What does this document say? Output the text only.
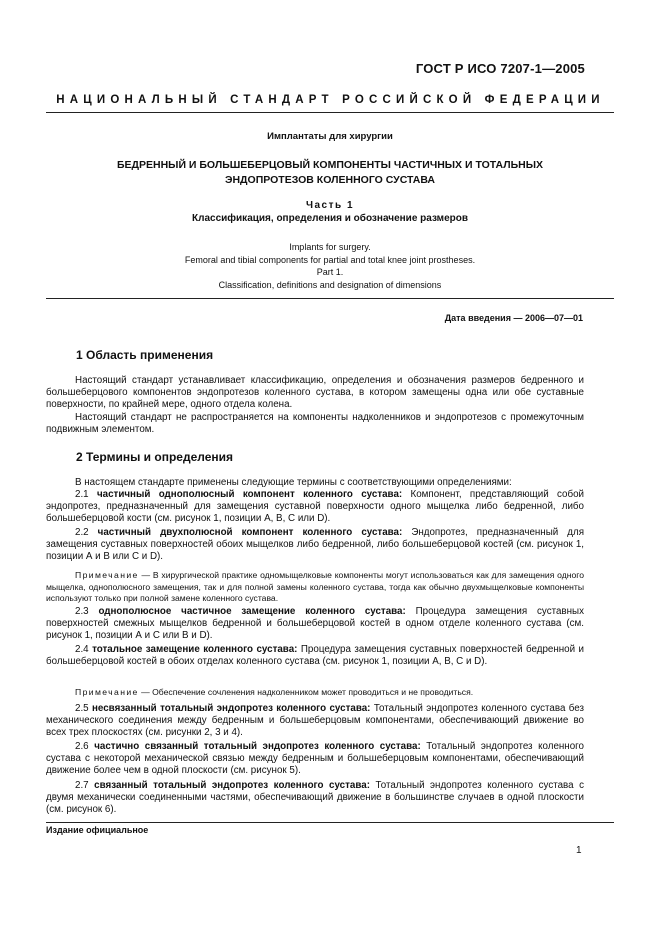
ГОСТ Р ИСО 7207-1—2005
НАЦИОНАЛЬНЫЙ СТАНДАРТ РОССИЙСКОЙ ФЕДЕРАЦИИ
Имплантаты для хирургии
БЕДРЕННЫЙ И БОЛЬШЕБЕРЦОВЫЙ КОМПОНЕНТЫ ЧАСТИЧНЫХ И ТОТАЛЬНЫХ
ЭНДОПРОТЕЗОВ КОЛЕННОГО СУСТАВА
Часть 1
Классификация, определения и обозначение размеров
Implants for surgery.
Femoral and tibial components for partial and total knee joint prostheses.
Part 1.
Classification, definitions and designation of dimensions
Дата введения — 2006—07—01
1 Область применения

Настоящий стандарт устанавливает классификацию, определения и обозначения размеров бедренного и большеберцового компонентов эндопротезов коленного сустава, в котором замещены одна или обе суставные поверхности, по крайней мере, одного отдела колена.

Настоящий стандарт не распространяется на компоненты надколенников и эндопротезов с промежуточным подвижным элементом.

2 Термины и определения

В настоящем стандарте применены следующие термины с соответствующими определениями:

2.1 частичный однополюсный компонент коленного сустава: Компонент, представляющий собой эндопротез, предназначенный для замещения суставной поверхности одного мыщелка либо бедренной, либо большеберцовой кости (см. рисунок 1, позиции А, В, С или D).

2.2 частичный двухполюсной компонент коленного сустава: Эндопротез, предназначенный для замещения суставных поверхностей обоих мыщелков либо бедренной, либо большеберцовой костей (см. рисунок 1, позиции А и В или С и D).

Примечание — В хирургической практике одномыщелковые компоненты могут использоваться как для замещения одного мыщелка, однополюсного замещения, так и для полной замены коленного сустава, тогда как обычно двухмыщелковые компоненты используют только при полной замене коленного сустава.

2.3 однополюсное частичное замещение коленного сустава: Процедура замещения суставных поверхностей смежных мыщелков бедренной и большеберцовой костей в одном отделе коленного сустава (см. рисунок 1, позиции А и С или В и D).

2.4 тотальное замещение коленного сустава: Процедура замещения суставных поверхностей бедренной и большеберцовой костей в обоих отделах коленного сустава (см. рисунок 1, позиции А, В, С и D).

Примечание — Обеспечение сочленения надколенником может проводиться и не проводиться.

2.5 несвязанный тотальный эндопротез коленного сустава: Тотальный эндопротез коленного сустава без механического соединения между бедренным и большеберцовым компонентами, обеспечивающий движение во всех трех плоскостях (см. рисунки 2, 3 и 4).

2.6 частично связанный тотальный эндопротез коленного сустава: Тотальный эндопротез коленного сустава с некоторой механической связью между бедренным и большеберцовым компонентами, обеспечивающий движение более чем в одной плоскости (см. рисунок 5).

2.7 связанный тотальный эндопротез коленного сустава: Тотальный эндопротез коленного сустава с двумя механически соединенными частями, обеспечивающий движение в большинстве случаев в одной плоскости (см. рисунок 6).

Издание официальное
1
